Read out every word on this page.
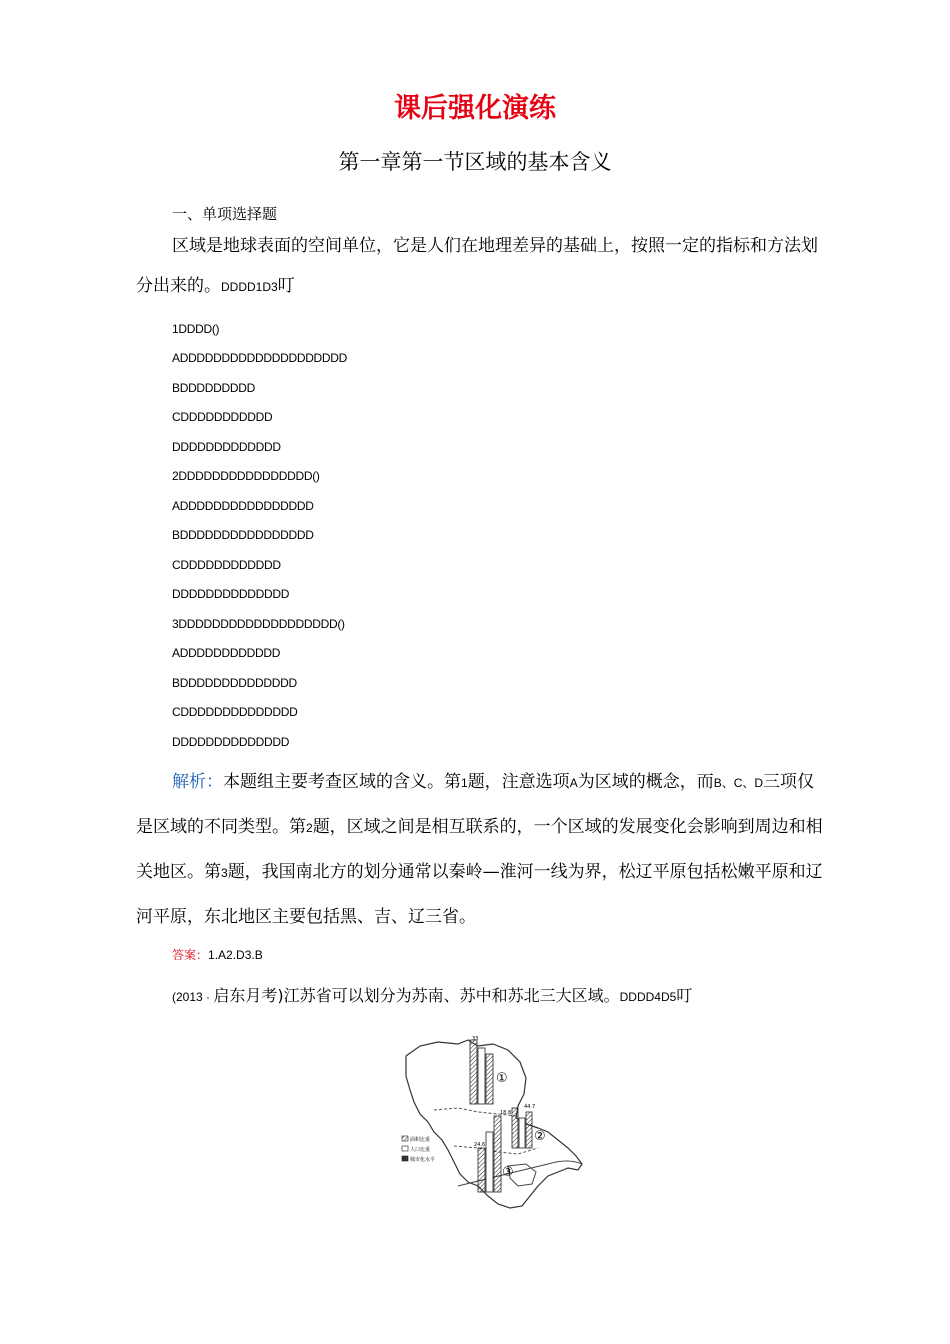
课后强化演练
第一章第一节区域的基本含义
一、单项选择题
区域是地球表面的空间单位，它是人们在地理差异的基础上，按照一定的指标和方法划分出来的。DDDD1D3叮
1DDDD()
ADDDDDDDDDDDDDDDDDDDD
BDDDDDDDDD
CDDDDDDDDDDD
DDDDDDDDDDDDD
2DDDDDDDDDDDDDDDD()
ADDDDDDDDDDDDDDDD
BDDDDDDDDDDDDDDDD
CDDDDDDDDDDDD
DDDDDDDDDDDDDD
3DDDDDDDDDDDDDDDDDDD()
ADDDDDDDDDDDD
BDDDDDDDDDDDDDD
CDDDDDDDDDDDDDD
DDDDDDDDDDDDDD
解析：本题组主要考查区域的含义。第1题，注意选项A为区域的概念，而B、C、D三项仅是区域的不同类型。第2题，区域之间是相互联系的，一个区域的发展变化会影响到周边和相关地区。第3题，我国南北方的划分通常以秦岭—淮河一线为界，松辽平原包括松嫩平原和辽河平原，东北地区主要包括黑、吉、辽三省。
答案：1.A2.D3.B
(2013 · 启东月考)江苏省可以划分为苏南、苏中和苏北三大区域。DDDD4D5叮
①
②
③
33
44.7
18.8
24.6
面积比重
人口比重
城市化水平
